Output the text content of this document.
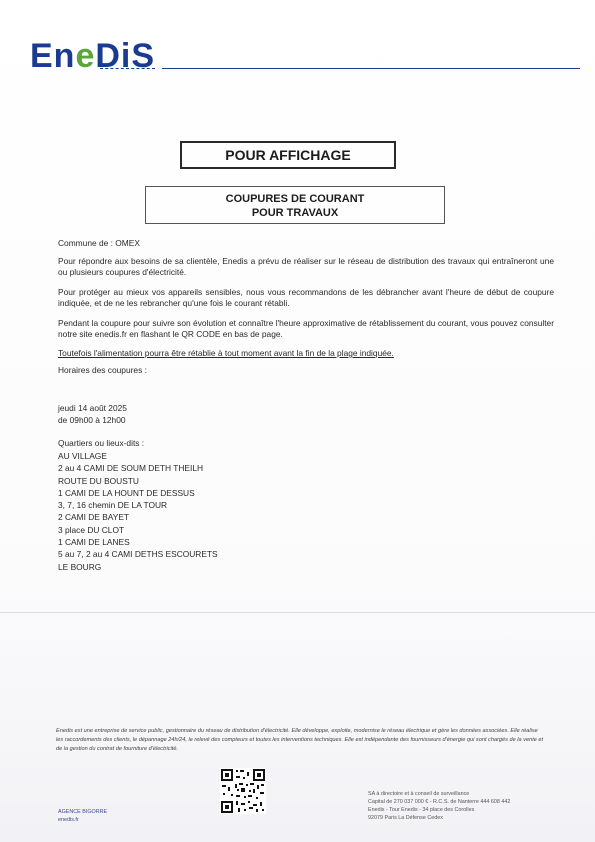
EneDiS
POUR AFFICHAGE
COUPURES DE COURANT
POUR TRAVAUX
Commune de : OMEX
Pour répondre aux besoins de sa clientèle, Enedis a prévu de réaliser sur le réseau de distribution des travaux qui entraîneront une ou plusieurs coupures d'électricité.
Pour protéger au mieux vos appareils sensibles, nous vous recommandons de les débrancher avant l'heure de début de coupure indiquée, et de ne les rebrancher qu'une fois le courant rétabli.
Pendant la coupure pour suivre son évolution et connaître l'heure approximative de rétablissement du courant, vous pouvez consulter notre site enedis.fr en flashant le QR CODE en bas de page.
Toutefois l'alimentation pourra être rétablie à tout moment avant la fin de la plage indiquée.
Horaires des coupures :
jeudi 14 août 2025
de 09h00 à 12h00
Quartiers ou lieux-dits :
AU VILLAGE
2 au 4 CAMI DE SOUM DETH THEILH
ROUTE DU BOUSTU
1 CAMI DE LA HOUNT DE DESSUS
3, 7, 16 chemin DE LA TOUR
2 CAMI DE BAYET
3 place DU CLOT
1 CAMI DE LANES
5 au 7, 2 au 4 CAMI DETHS ESCOURETS
LE BOURG
Enedis est une entreprise de service public, gestionnaire du réseau de distribution d'électricité. Elle développe, exploite, modernise le réseau électrique et gère les données associées. Elle réalise les raccordements des clients, le dépannage 24h/24, le relevé des compteurs et toutes les interventions techniques. Elle est indépendante des fournisseurs d'énergie qui sont chargés de la vente et de la gestion du contrat de fourniture d'électricité.
AGENCE BIGORRE
enedis.fr
SA à directoire et à conseil de surveillance
Capital de 270 037 000 € - R.C.S. de Nanterre 444 608 442
Enedis - Tour Enedis - 34 place des Corolles
92079 Paris La Défense Cedex
